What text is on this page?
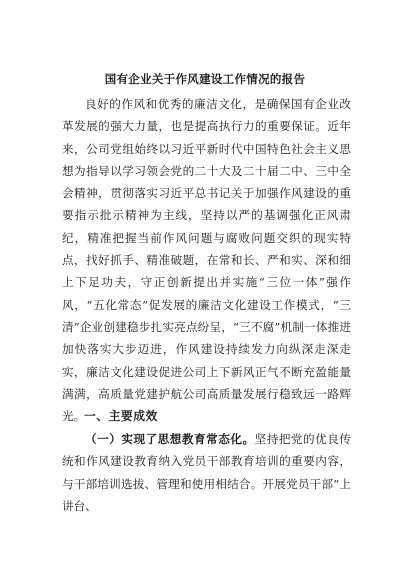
国有企业关于作风建设工作情况的报告

良好的作风和优秀的廉洁文化，是确保国有企业改革发展的强大力量，也是提高执行力的重要保证。近年来，公司党组始终以习近平新时代中国特色社会主义思想为指导以学习领会党的二十大及二十届二中、三中全会精神，贯彻落实习近平总书记关于加强作风建设的重要指示批示精神为主线，坚持以严的基调强化正风肃纪，精准把握当前作风问题与腐败问题交织的现实特点，找好抓手、精准破题，在常和长、严和实、深和细上下足功夫，守正创新提出并实施“三位一体”强作风，“五化常态”促发展的廉洁文化建设工作模式，“三清”企业创建稳步扎实亮点纷呈，“三不腐”机制一体推进加快落实大步迈进，作风建设持续发力向纵深走深走实，廉洁文化建设促进公司上下新风正气不断充盈能量满满，高质量党建护航公司高质量发展行稳致远一路辉光。

一、主要成效

（一）实现了思想教育常态化。坚持把党的优良传统和作风建设教育纳入党员干部教育培训的重要内容，与干部培训选拔、管理和使用相结合。开展党员干部“上讲台、
